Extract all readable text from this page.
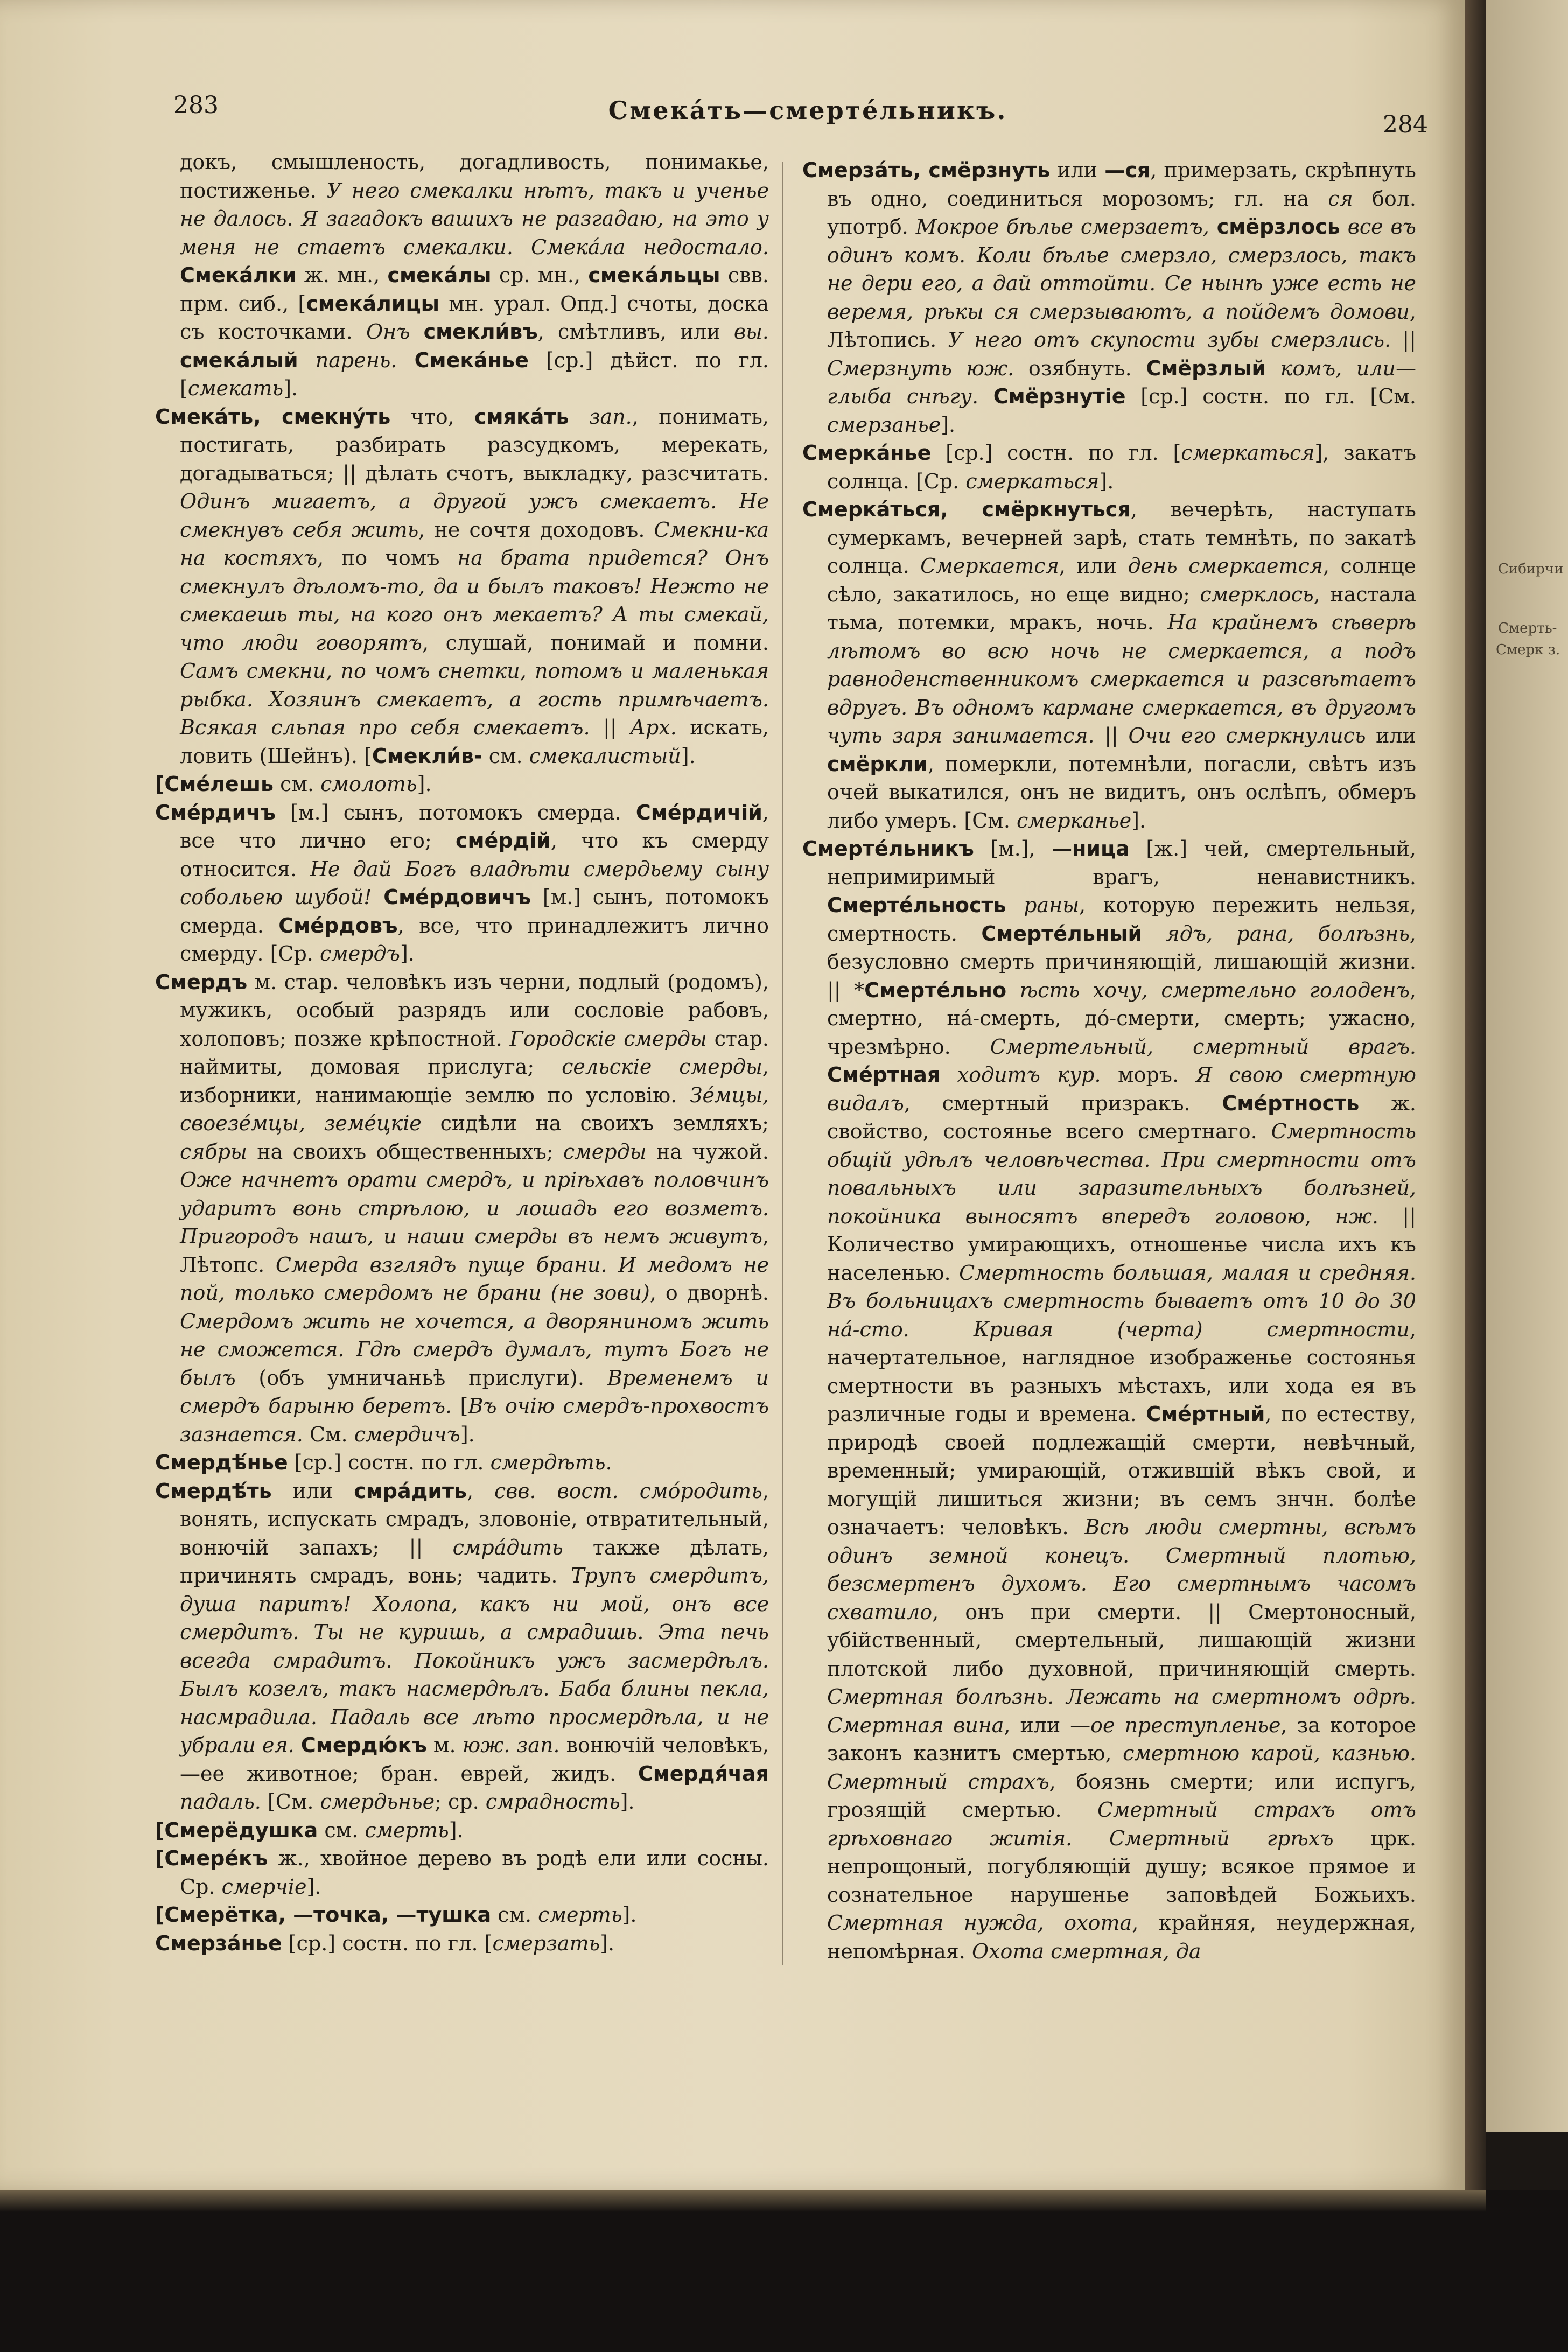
283	Смека́ть—смерте́льникъ.	284
докъ, смышленость, догадливость, понимакье, постиженье. У него смекалки нѣтъ, такъ и ученье не далось. Я загадокъ вашихъ не разгадаю, на это у меня не стаетъ смекалки. Смека́ла недостало. Смека́лки ж. мн., смека́лы ср. мн., смека́льцы свв. прм. сиб., [смека́лицы мн. урал. Опд.] счоты, доска съ косточками. Онъ смекли́въ, смѣтливъ, или вы. смека́лый парень. Смека́нье [ср.] дѣйст. по гл. [смекать].
Смека́ть, смекну́ть что, смяка́ть зап., понимать, постигать, разбирать разсудкомъ, мерекать, догадываться; || дѣлать счотъ, выкладку, разсчитать. Одинъ мигаетъ, а другой ужъ смекаетъ. Не смекнувъ себя жить, не сочтя доходовъ. Смекни-ка на костяхъ, по чомъ на брата придется? Онъ смекнулъ дѣломъ-то, да и былъ таковъ! Нежто не смекаешь ты, на кого онъ мекаетъ? А ты смекай, что люди говорятъ, слушай, понимай и помни. Самъ смекни, по чомъ снетки, потомъ и маленькая рыбка. Хозяинъ смекаетъ, а гость примѣчаетъ. Всякая сльпая про себя смекаетъ. || Арх. искать, ловить (Шейнъ). [Смекли́в- см. смекалистый].
[Сме́лешь см. смолоть].
Сме́рдичъ [м.] сынъ, потомокъ смерда. Сме́рдичій, все что лично его; сме́рдій, что къ смерду относится. Не дай Богъ владѣти смердьему сыну собольею шубой! Сме́рдовичъ [м.] сынъ, потомокъ смерда. Сме́рдовъ, все, что принадлежитъ лично смерду. [Ср. смердъ].
Смердъ м. стар. человѣкъ изъ черни, подлый (родомъ), мужикъ, особый разрядъ или сословіе рабовъ, холоповъ; позже крѣпостной. Городскіе смерды стар. наймиты, домовая прислуга; сельскіе смерды, изборники, нанимающіе землю по условію. Зе́мцы, своезе́мцы, земе́цкіе сидѣли на своихъ земляхъ; сябры на своихъ общественныхъ; смерды на чужой. Оже начнетъ орати смердъ, и пріѣхавъ половчинъ ударитъ вонь стрѣлою, и лошадь его возметъ. Пригородъ нашъ, и наши смерды въ немъ живутъ, Лѣтопс. Смерда взглядъ пуще брани. И медомъ не пой, только смердомъ не брани (не зови), о дворнѣ. Смердомъ жить не хочется, а дворяниномъ жить не сможется. Гдѣ смердъ думалъ, тутъ Богъ не былъ (объ умничаньѣ прислуги). Временемъ и смердъ барыню беретъ. [Въ очію смердъ-прохвостъ зазнается. См. смердичъ].
Смердѣ́нье [ср.] состн. по гл. смердѣть.
Смердѣ́ть или смра́дить, свв. вост. смо́родить, вонять, испускать смрадъ, зловоніе, отвратительный, вонючій запахъ; || смра́дить также дѣлать, причинять смрадъ, вонь; чадить. Трупъ смердитъ, душа паритъ! Холопа, какъ ни мой, онъ все смердитъ. Ты не куришь, а смрадишь. Эта печь всегда смрадитъ. Покойникъ ужъ засмердѣлъ. Былъ козелъ, такъ насмердѣлъ. Баба блины пекла, насмрадила. Падаль все лѣто просмердѣла, и не убрали ея. Смердю́къ м. юж. зап. вонючій человѣкъ,—ее животное; бран. еврей, жидъ. Смердя́чая падаль. [См. смердьнье; ср. смрадность].
[Смерёдушка см. смерть].
[Смере́къ ж., хвойное дерево въ родѣ ели или сосны. Ср. смерчіе].
[Смерётка, —точка, —тушка см. смерть].
Смерза́нье [ср.] состн. по гл. [смерзать].
Смерза́ть, смёрзнуть или —ся, примерзать, скрѣпнуть въ одно, соединиться морозомъ; гл. на ся бол. употрб. Мокрое бѣлье смерзаетъ, смёрзлось все въ одинъ комъ. Коли бѣлье смерзло, смерзлось, такъ не дери его, а дай оттойти. Се нынѣ уже есть не веремя, рѣкы ся смерзываютъ, а пойдемъ домови, Лѣтопись. У него отъ скупости зубы смерзлись. || Смерзнуть юж. озябнуть. Смёрзлый комъ, или—глыба снѣгу. Смёрзнутіе [ср.] состн. по гл. [См. смерзанье].
Смерка́нье [ср.] состн. по гл. [смеркаться], закатъ солнца. [Ср. смеркаться].
Смерка́ться, смёркнуться, вечерѣть, наступать сумеркамъ, вечерней зарѣ, стать темнѣть, по закатѣ солнца. Смеркается, или день смеркается, солнце сѣло, закатилось, но еще видно; смерклось, настала тьма, потемки, мракъ, ночь. На крайнемъ сѣверѣ лѣтомъ во всю ночь не смеркается, а подъ равноденственникомъ смеркается и разсвѣтаетъ вдругъ. Въ одномъ кармане смеркается, въ другомъ чуть заря занимается. || Очи его смеркнулись или смёркли, померкли, потемнѣли, погасли, свѣтъ изъ очей выкатился, онъ не видитъ, онъ ослѣпъ, обмеръ либо умеръ. [См. смерканье].
Смерте́льникъ [м.], —ница [ж.] чей, смертельный, непримиримый врагъ, ненавистникъ. Смерте́льность раны, которую пережить нельзя, смертность. Смерте́льный ядъ, рана, болѣзнь, безусловно смерть причиняющій, лишающій жизни. || *Смерте́льно ѣсть хочу, смертельно голоденъ, смертно, на́-смерть, до́-смерти, смерть; ужасно, чрезмѣрно. Смертельный, смертный врагъ. Сме́ртная ходитъ кур. моръ. Я свою смертную видалъ, смертный призракъ. Сме́ртность ж. свойство, состоянье всего смертнаго. Смертность общій удѣлъ человѣчества. При смертности отъ повальныхъ или заразительныхъ болѣзней, покойника выносятъ впередъ головою, нж. || Количество умирающихъ, отношенье числа ихъ къ населенью. Смертность большая, малая и средняя. Въ больницахъ смертность бываетъ отъ 10 до 30 на́-сто. Кривая (черта) смертности, начертательное, наглядное изображенье состоянья смертности въ разныхъ мѣстахъ, или хода ея въ различные годы и времена. Сме́ртный, по естеству, природѣ своей подлежащій смерти, невѣчный, временный; умирающій, отжившій вѣкъ свой, и могущій лишиться жизни; въ семъ знчн. болѣе означаетъ: человѣкъ. Всѣ люди смертны, всѣмъ одинъ земной конецъ. Смертный плотью, безсмертенъ духомъ. Его смертнымъ часомъ схватило, онъ при смерти. || Смертоносный, убійственный, смертельный, лишающій жизни плотской либо духовной, причиняющій смерть. Смертная болѣзнь. Лежать на смертномъ одрѣ. Смертная вина, или —ое преступленье, за которое законъ казнитъ смертью, смертною карой, казнью. Смертный страхъ, боязнь смерти; или испугъ, грозящій смертью. Смертный страхъ отъ грѣховнаго житія. Смертный грѣхъ црк. непрощоный, погубляющій душу; всякое прямое и сознательное нарушенье заповѣдей Божьихъ. Смертная нужда, охота, крайняя, неудержная, непомѣрная. Охота смертная, да
Сибирчи
Смерть-
Смерк з.
